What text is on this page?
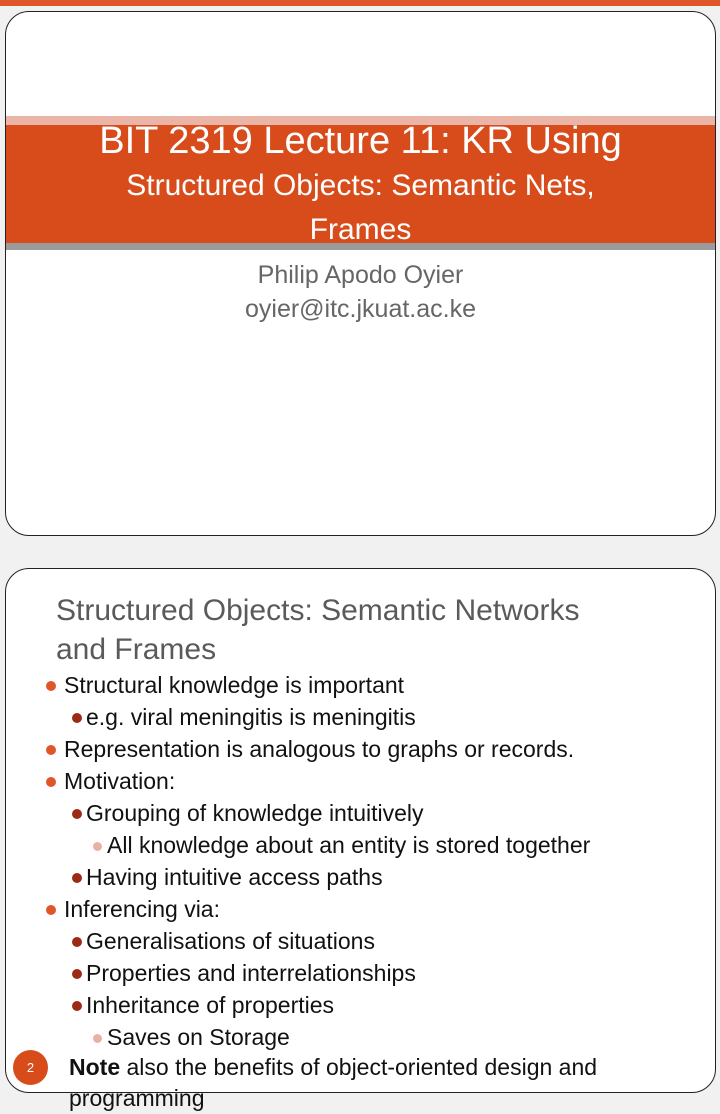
BIT 2319 Lecture 11: KR Using
Structured Objects: Semantic Nets,
Frames
Philip Apodo Oyier
oyier@itc.jkuat.ac.ke
Structured Objects: Semantic Networks
and Frames
Structural knowledge is important
e.g. viral meningitis is meningitis
Representation is analogous to graphs or records.
Motivation:
Grouping of knowledge intuitively
All knowledge about an entity is stored together
Having intuitive access paths
Inferencing via:
Generalisations of situations
Properties and interrelationships
Inheritance of properties
Saves on Storage
2	Note also the benefits of object-oriented design and programming
